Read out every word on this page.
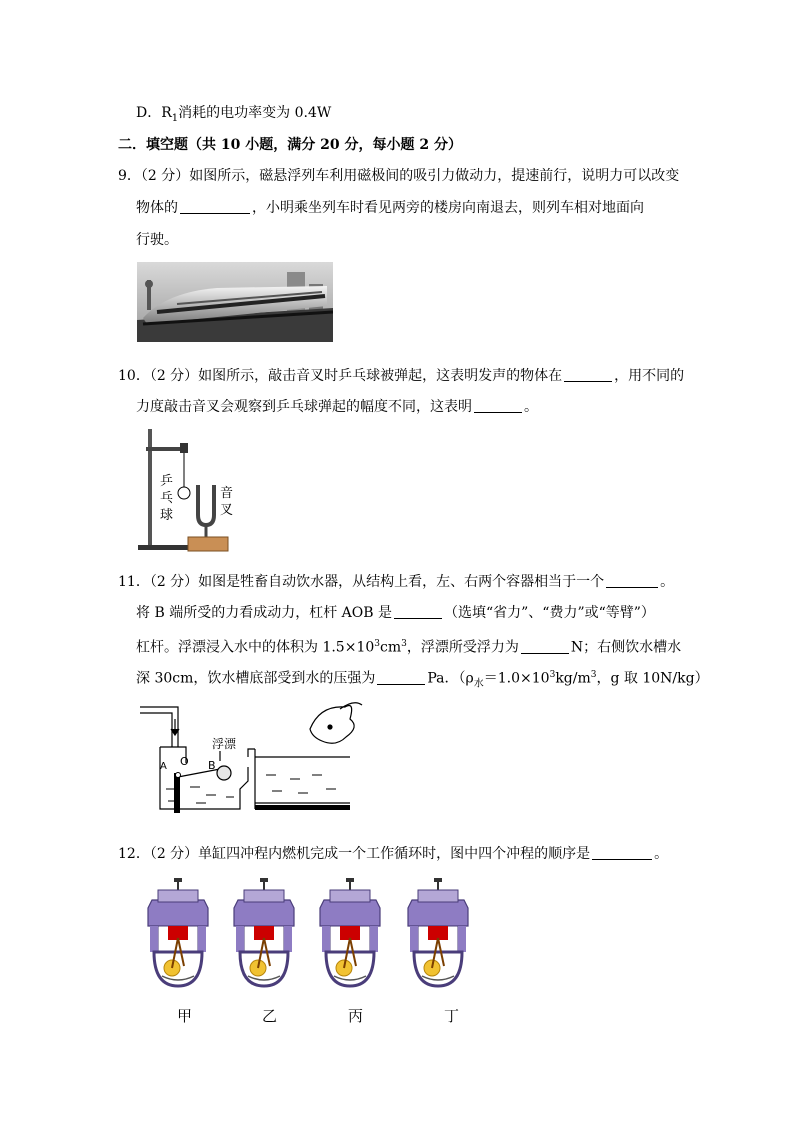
D．$R_1$消耗的电功率变为 0.4W
二．填空题（共 10 小题，满分 20 分，每小题 2 分）
9．（2 分）如图所示，磁悬浮列车利用磁极间的吸引力做动力，提速前行，说明力可以改变
物体的	，小明乘坐列车时看见两旁的楼房向南退去，则列车相对地面向
行驶。
10．（2 分）如图所示，敲击音叉时乒乓球被弹起，这表明发声的物体在	，用不同的
力度敲击音叉会观察到乒乓球弹起的幅度不同，这表明	。
乒
乓
球
音
叉
11．（2 分）如图是牲畜自动饮水器，从结构上看，左、右两个容器相当于一个	。
将 B 端所受的力看成动力，杠杆 AOB 是	（选填“省力”、“费力”或“等臂”）
杠杆。浮漂浸入水中的体积为 $1.5\times 10^3cm^3$，浮漂所受浮力为	N；右侧饮水槽水
深 30cm，饮水槽底部受到水的压强为	Pa．（$\rho_水=1.0\times 10^3kg/m^3$，g 取 10N/kg）
浮漂
A O B
12．（2 分）单缸四冲程内燃机完成一个工作循环时，图中四个冲程的顺序是	。
甲	乙	丙	丁
